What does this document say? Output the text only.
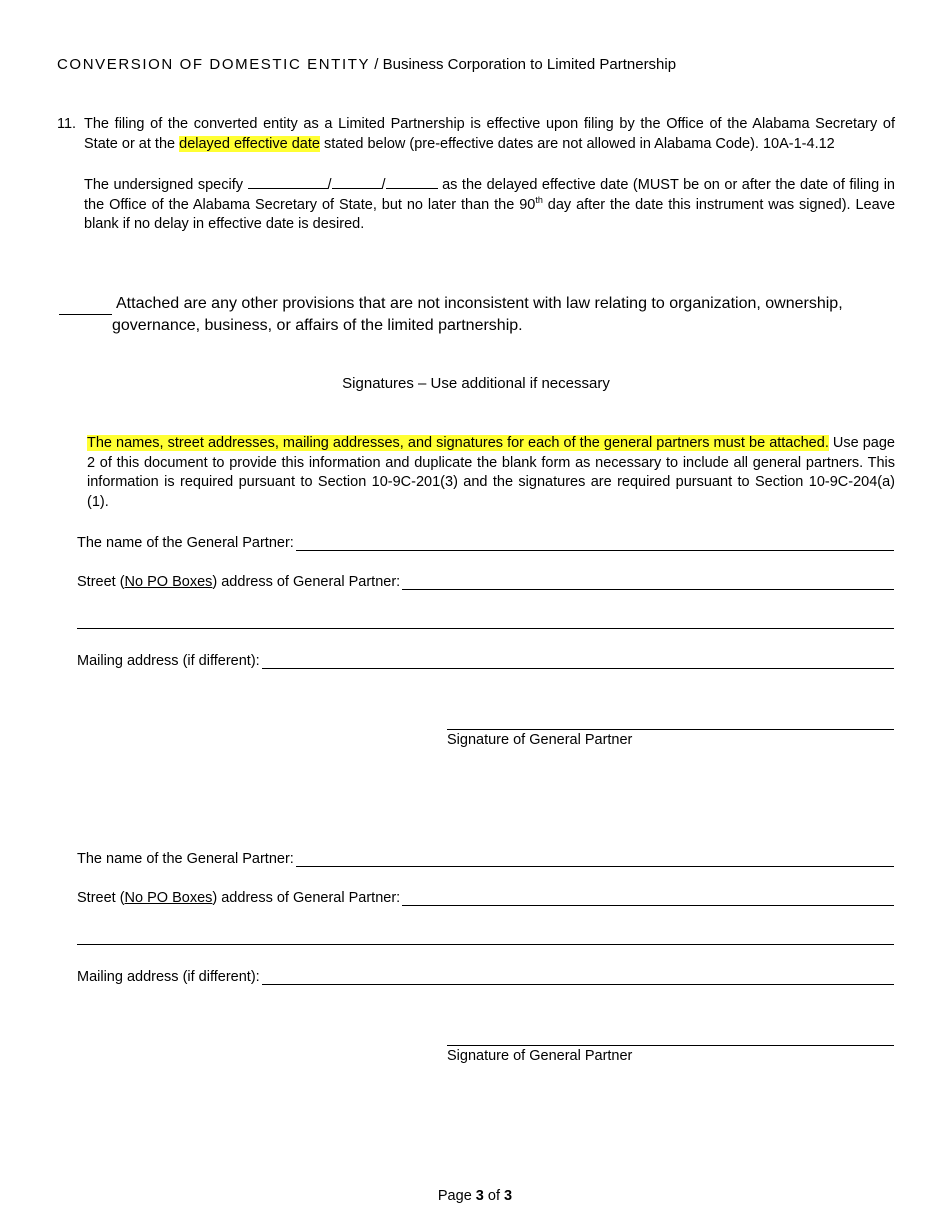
CONVERSION OF DOMESTIC ENTITY / Business Corporation to Limited Partnership
11. The filing of the converted entity as a Limited Partnership is effective upon filing by the Office of the Alabama Secretary of State or at the delayed effective date stated below (pre-effective dates are not allowed in Alabama Code). 10A-1-4.12
The undersigned specify	/	/	as the delayed effective date (MUST be on or after the date of filing in the Office of the Alabama Secretary of State, but no later than the 90th day after the date this instrument was signed). Leave blank if no delay in effective date is desired.
Attached are any other provisions that are not inconsistent with law relating to organization, ownership,
governance, business, or affairs of the limited partnership.
Signatures – Use additional if necessary
The names, street addresses, mailing addresses, and signatures for each of the general partners must be attached. Use page 2 of this document to provide this information and duplicate the blank form as necessary to include all general partners. This information is required pursuant to Section 10-9C-201(3) and the signatures are required pursuant to Section 10-9C-204(a)(1).
The name of the General Partner:
Street (No PO Boxes) address of General Partner:
Mailing address (if different):
Signature of General Partner
The name of the General Partner:
Street (No PO Boxes) address of General Partner:
Mailing address (if different):
Signature of General Partner
Page 3 of 3
